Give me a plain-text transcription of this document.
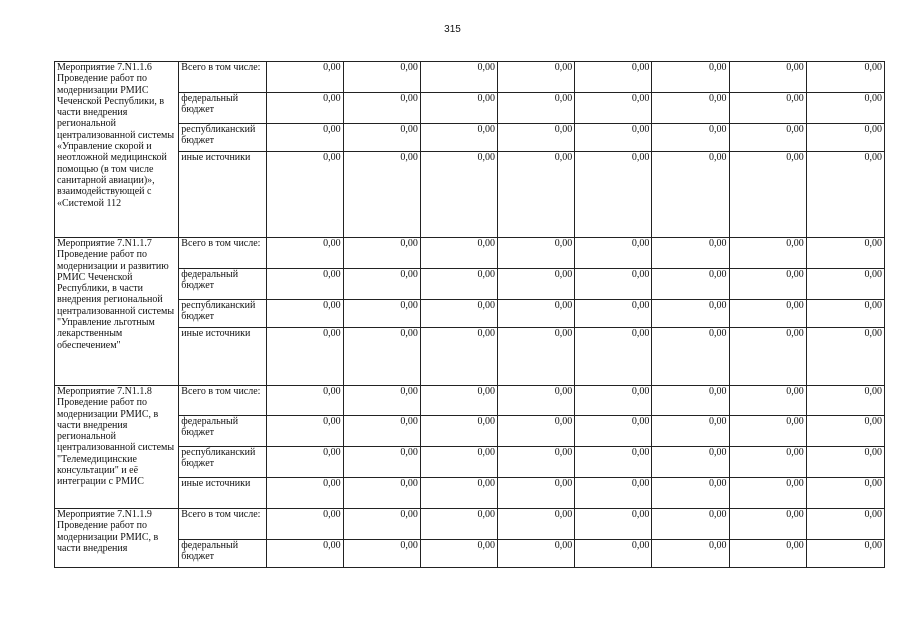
315
Мероприятие 7.N1.1.6 Проведение работ по модернизации РМИС Чеченской Республики, в части внедрения региональной централизованной системы «Управление скорой и неотложной медицинской помощью (в том числе санитарной авиации)», взаимодействующей с «Системой 112	Всего в том числе:	0,00	0,00	0,00	0,00	0,00	0,00	0,00	0,00
	федеральный бюджет	0,00	0,00	0,00	0,00	0,00	0,00	0,00	0,00
	республиканский бюджет	0,00	0,00	0,00	0,00	0,00	0,00	0,00	0,00
	иные источники	0,00	0,00	0,00	0,00	0,00	0,00	0,00	0,00
Мероприятие 7.N1.1.7 Проведение работ по модернизации и развитию РМИС Чеченской Республики, в части внедрения региональной централизованной системы "Управление льготным лекарственным обеспечением"	Всего в том числе:	0,00	0,00	0,00	0,00	0,00	0,00	0,00	0,00
	федеральный бюджет	0,00	0,00	0,00	0,00	0,00	0,00	0,00	0,00
	республиканский бюджет	0,00	0,00	0,00	0,00	0,00	0,00	0,00	0,00
	иные источники	0,00	0,00	0,00	0,00	0,00	0,00	0,00	0,00
Мероприятие 7.N1.1.8 Проведение работ по модернизации РМИС, в части внедрения региональной централизованной системы "Телемедицинские консультации" и её интеграции с РМИС	Всего в том числе:	0,00	0,00	0,00	0,00	0,00	0,00	0,00	0,00
	федеральный бюджет	0,00	0,00	0,00	0,00	0,00	0,00	0,00	0,00
	республиканский бюджет	0,00	0,00	0,00	0,00	0,00	0,00	0,00	0,00
	иные источники	0,00	0,00	0,00	0,00	0,00	0,00	0,00	0,00
Мероприятие 7.N1.1.9 Проведение работ по модернизации РМИС, в части внедрения	Всего в том числе:	0,00	0,00	0,00	0,00	0,00	0,00	0,00	0,00
	федеральный бюджет	0,00	0,00	0,00	0,00	0,00	0,00	0,00	0,00
